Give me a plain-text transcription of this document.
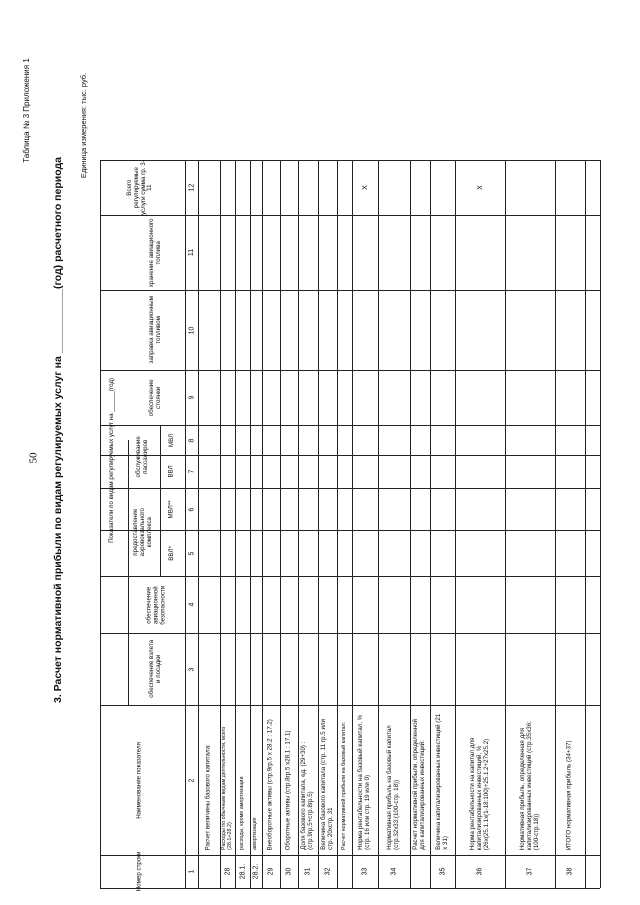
50 3. Расчет нормативной прибыли по видам регулируемых услуг на ___________(год) расчетного периода
Таблица № 3 Приложения 1	Единица измерения: тыс. руб.
Номер строки
Наименование показателя
Показатели по видам регулируемых услуг на ______(год)
обеспечение взлета и посадки
обеспечение авиационной безопасности
предоставление аэровокзального комплекса
ВВЛ*
МВЛ**
обслуживание пассажиров	ВВЛ
МВЛ
обеспечение стоянки
заправка авиационным топливом
хранение авиационного топлива
Всего регулируемые услуги сумма гр. 3-11
1
2
3
4
5
6
7
8
9
10
11
12
Расчет величины базового капитала:
28
Расходы по обычным видам деятельности, всего (28.1+28.2)
28.1.
расходы, кроме амортизации
28.2.
амортизация
29
Внеоборотные активы (стр.9гр.5 x 28.2 : 17.2)
30
Оборотные активы (стр.8гр.5 x28.1 : 17.1)
31
Доля базового капитала, ед. (29+30) : (стр.9гр.5+стр.8гр.5)
32
Величина базового капитала (стр. 11 гр.5 или стр. 20хстр. 31 Расчет нормативной прибыли на базовый капитал:
33
Норма рентабельности на базовый капитал, % (стр. 16 или стр. 19 или 0)
X
34
Нормативная прибыль на базовый капитал (стр.32x33:(100-стр. 18)) Расчет нормативной прибыли, определенной для капитализированных инвестиций:
35
Величина капитализированных инвестиций (21 x 31)
36
Норма рентабельности на капитал для капитализированных инвестиций, % (26x(25.1.1x(1-18:100)+25.1.2+27x25.2)
X
37
Нормативная прибыль, определенная для капитализированных инвестиций (стр.35x36:(100-стр.18))
38
ИТОГО нормативная прибыль (34+37)
